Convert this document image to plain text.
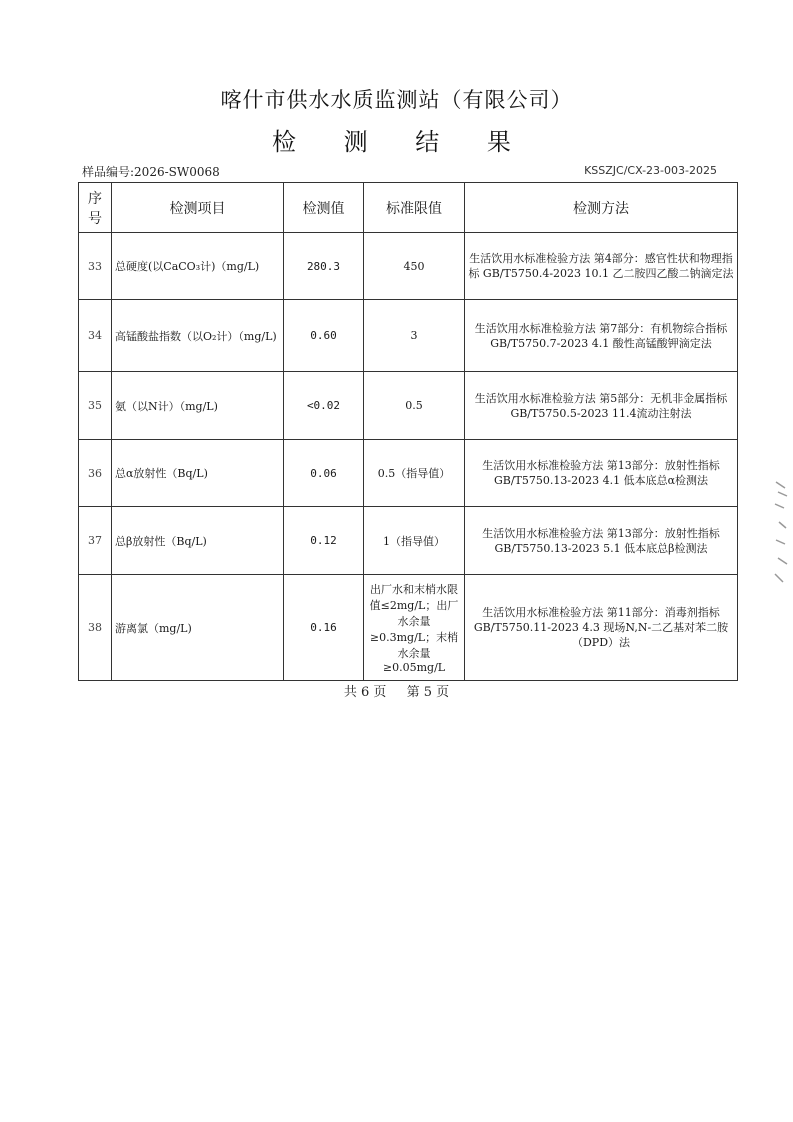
喀什市供水水质监测站（有限公司）
检 测 结 果
样品编号:2026-SW0068	KSSZJC/CX-23-003-2025
序号	检测项目	检测值	标准限值	检测方法
33	总硬度(以CaCO₃计)（mg/L)	280.3	450	生活饮用水标准检验方法 第4部分：感官性状和物理指标 GB/T5750.4-2023 10.1 乙二胺四乙酸二钠滴定法
34	高锰酸盐指数（以O₂计）（mg/L)	0.60	3	生活饮用水标准检验方法 第7部分：有机物综合指标 GB/T5750.7-2023 4.1 酸性高锰酸钾滴定法
35	氨（以N计）（mg/L)	<0.02	0.5	生活饮用水标准检验方法 第5部分：无机非金属指标 GB/T5750.5-2023 11.4流动注射法
36	总α放射性（Bq/L)	0.06	0.5（指导值）	生活饮用水标准检验方法 第13部分：放射性指标GB/T5750.13-2023 4.1 低本底总α检测法
37	总β放射性（Bq/L)	0.12	1（指导值）	生活饮用水标准检验方法 第13部分：放射性指标GB/T5750.13-2023 5.1 低本底总β检测法
38	游离氯（mg/L)	0.16	出厂水和末梢水限值≤2mg/L；出厂水余量≥0.3mg/L；末梢水余量≥0.05mg/L	生活饮用水标准检验方法 第11部分：消毒剂指标 GB/T5750.11-2023 4.3 现场N,N-二乙基对苯二胺（DPD）法
共 6 页 第 5 页
